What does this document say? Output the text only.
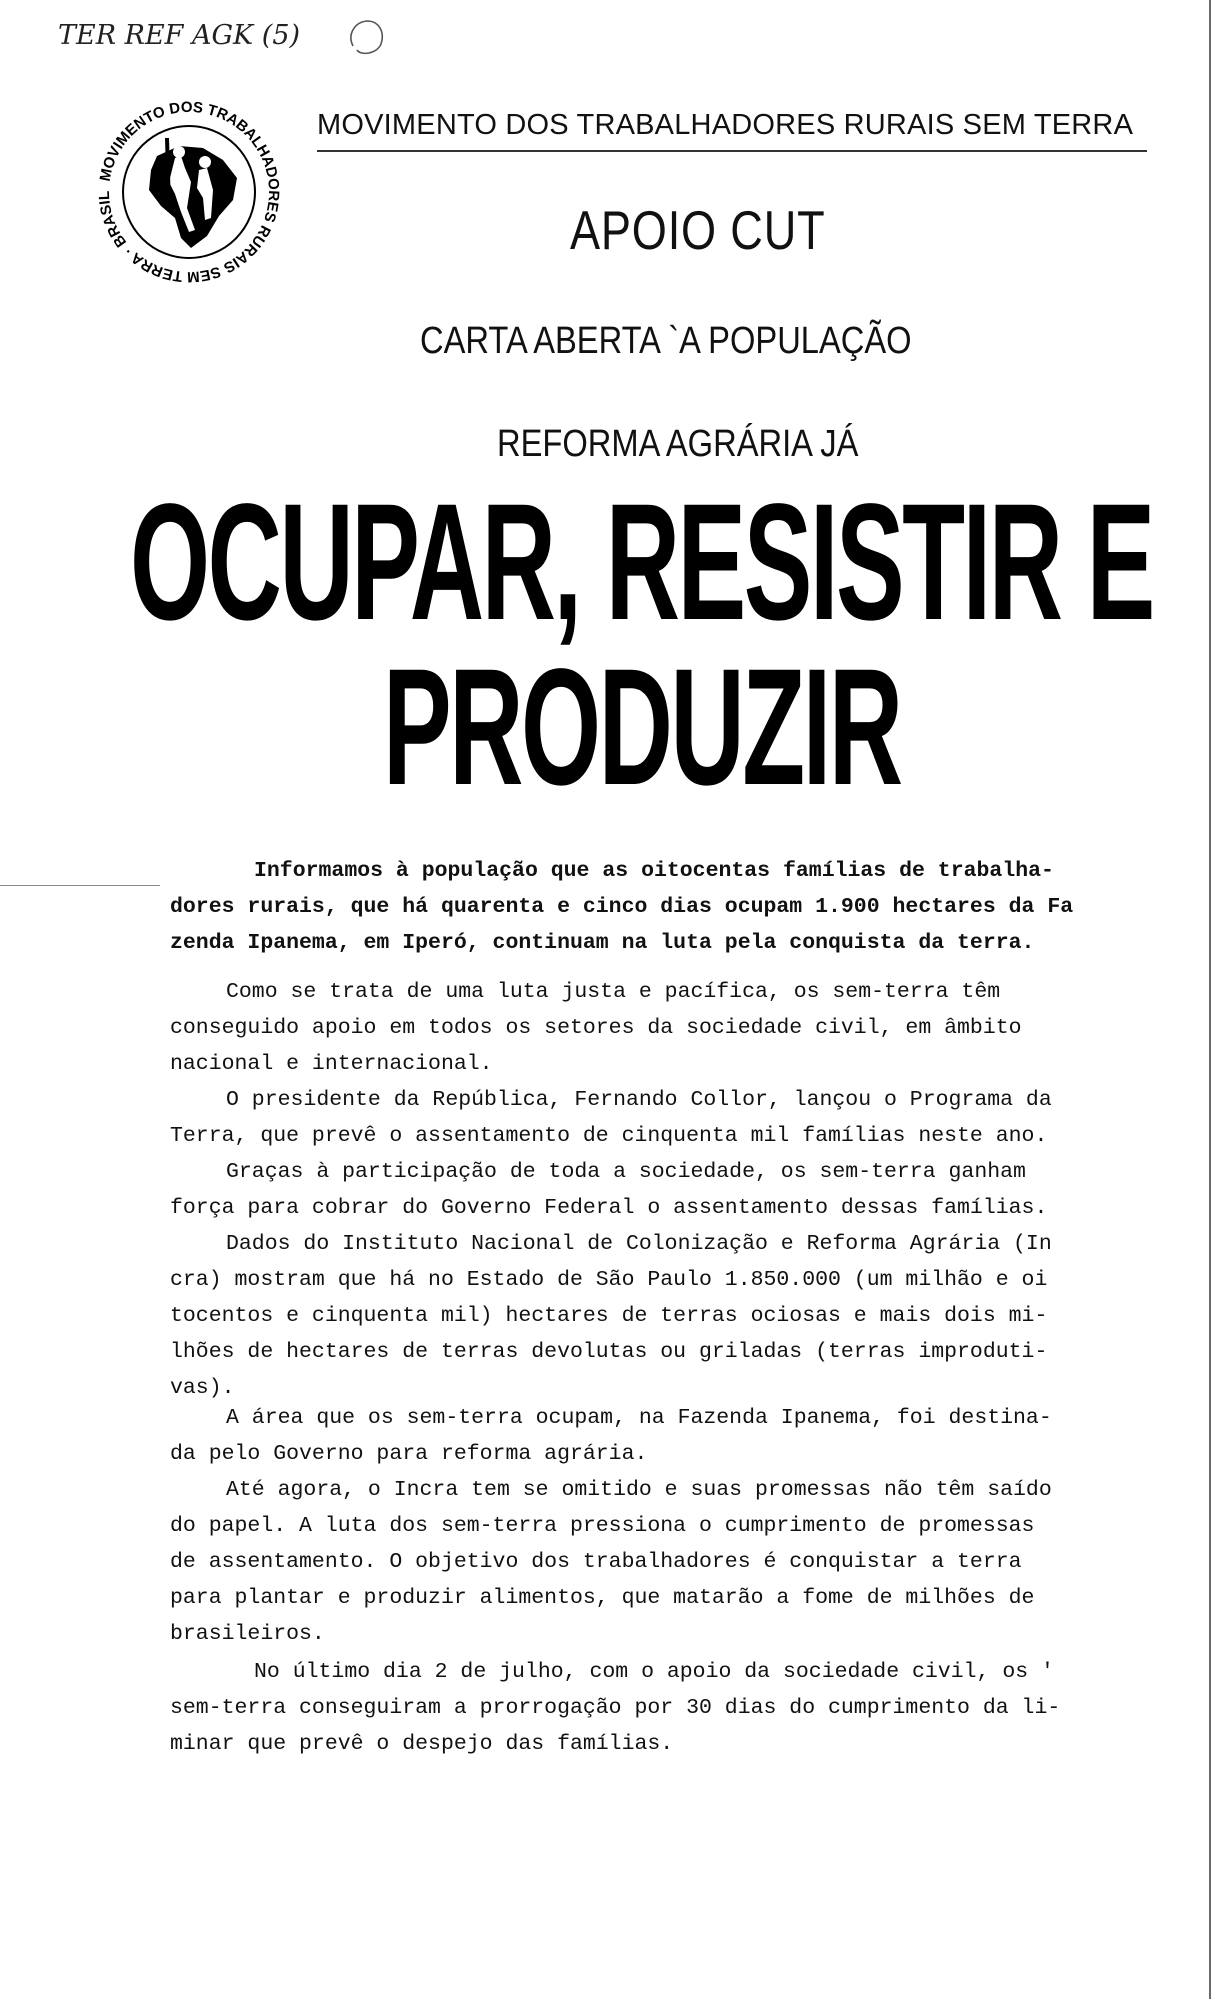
TER REF AGK (5)
MOVIMENTO DOS TRABALHADORES RURAIS SEM TERRA · BRASIL
MOVIMENTO DOS TRABALHADORES RURAIS SEM TERRA
APOIO CUT
CARTA ABERTA `A POPULAÇÃO
REFORMA AGRÁRIA JÁ
OCUPAR, RESISTIR E
PRODUZIR
Informamos à população que as oitocentas famílias de trabalha-
dores rurais, que há quarenta e cinco dias ocupam 1.900 hectares da Fa
zenda Ipanema, em Iperó, continuam na luta pela conquista da terra.
Como se trata de uma luta justa e pacífica, os sem-terra têm
conseguido apoio em todos os setores da sociedade civil, em âmbito
nacional e internacional.
O presidente da República, Fernando Collor, lançou o Programa da
Terra, que prevê o assentamento de cinquenta mil famílias neste ano.
Graças à participação de toda a sociedade, os sem-terra ganham
força para cobrar do Governo Federal o assentamento dessas famílias.
Dados do Instituto Nacional de Colonização e Reforma Agrária (In
cra) mostram que há no Estado de São Paulo 1.850.000 (um milhão e oi
tocentos e cinquenta mil) hectares de terras ociosas e mais dois mi-
lhões de hectares de terras devolutas ou griladas (terras improduti-
vas).
A área que os sem-terra ocupam, na Fazenda Ipanema, foi destina-
da pelo Governo para reforma agrária.
Até agora, o Incra tem se omitido e suas promessas não têm saído
do papel. A luta dos sem-terra pressiona o cumprimento de promessas
de assentamento. O objetivo dos trabalhadores é conquistar a terra
para plantar e produzir alimentos, que matarão a fome de milhões de
brasileiros.
No último dia 2 de julho, com o apoio da sociedade civil, os '
sem-terra conseguiram a prorrogação por 30 dias do cumprimento da li-
minar que prevê o despejo das famílias.
